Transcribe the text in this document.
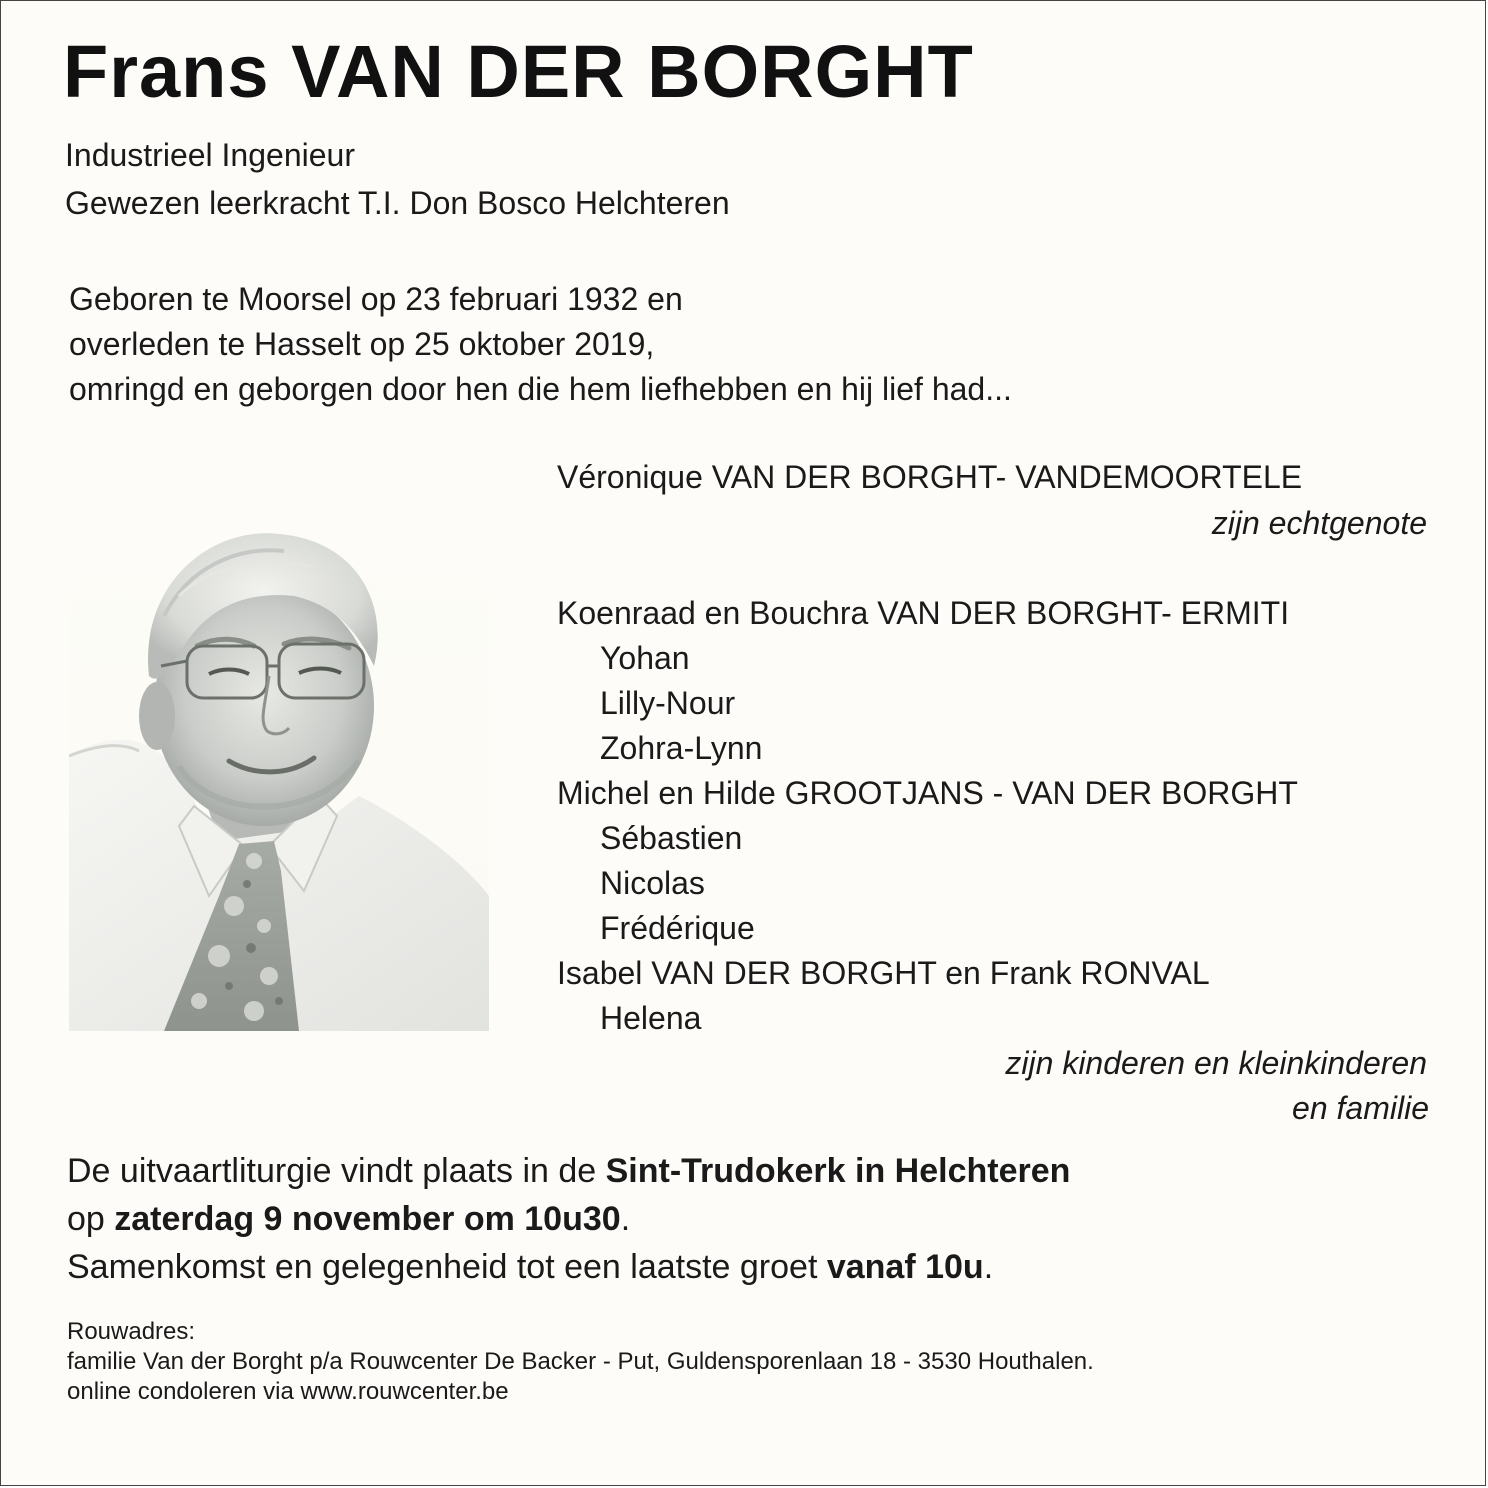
Frans VAN DER BORGHT
Industrieel Ingenieur
Gewezen leerkracht T.I. Don Bosco Helchteren
Geboren te Moorsel op 23 februari 1932 en
overleden te Hasselt op 25 oktober 2019,
omringd en geborgen door hen die hem liefhebben en hij lief had...
Véronique VAN DER BORGHT- VANDEMOORTELE
zijn echtgenote
Koenraad en Bouchra VAN DER BORGHT- ERMITI
Yohan
Lilly-Nour
Zohra-Lynn
Michel en Hilde GROOTJANS - VAN DER BORGHT
Sébastien
Nicolas
Frédérique
Isabel VAN DER BORGHT en Frank RONVAL
Helena
zijn kinderen en kleinkinderen
en familie
De uitvaartliturgie vindt plaats in de Sint-Trudokerk in Helchteren
op zaterdag 9 november om 10u30.
Samenkomst en gelegenheid tot een laatste groet vanaf 10u.
Rouwadres:
familie Van der Borght p/a Rouwcenter De Backer - Put, Guldensporenlaan 18 - 3530 Houthalen.
online condoleren via www.rouwcenter.be
